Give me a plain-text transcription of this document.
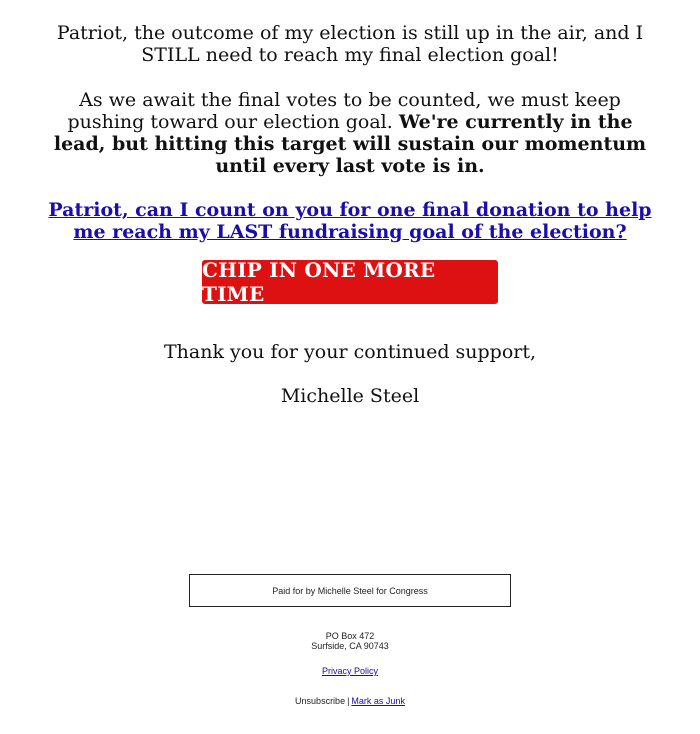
Patriot, the outcome of my election is still up in the air, and I STILL need to reach my final election goal!

As we await the final votes to be counted, we must keep pushing toward our election goal. We're currently in the lead, but hitting this target will sustain our momentum until every last vote is in.

Patriot, can I count on you for one final donation to help me reach my LAST fundraising goal of the election?
CHIP IN ONE MORE TIME

Thank you for your continued support,

Michelle Steel

Paid for by Michelle Steel for Congress
PO Box 472
Surfside, CA 90743
Privacy Policy
Unsubscribe | Mark as Junk
